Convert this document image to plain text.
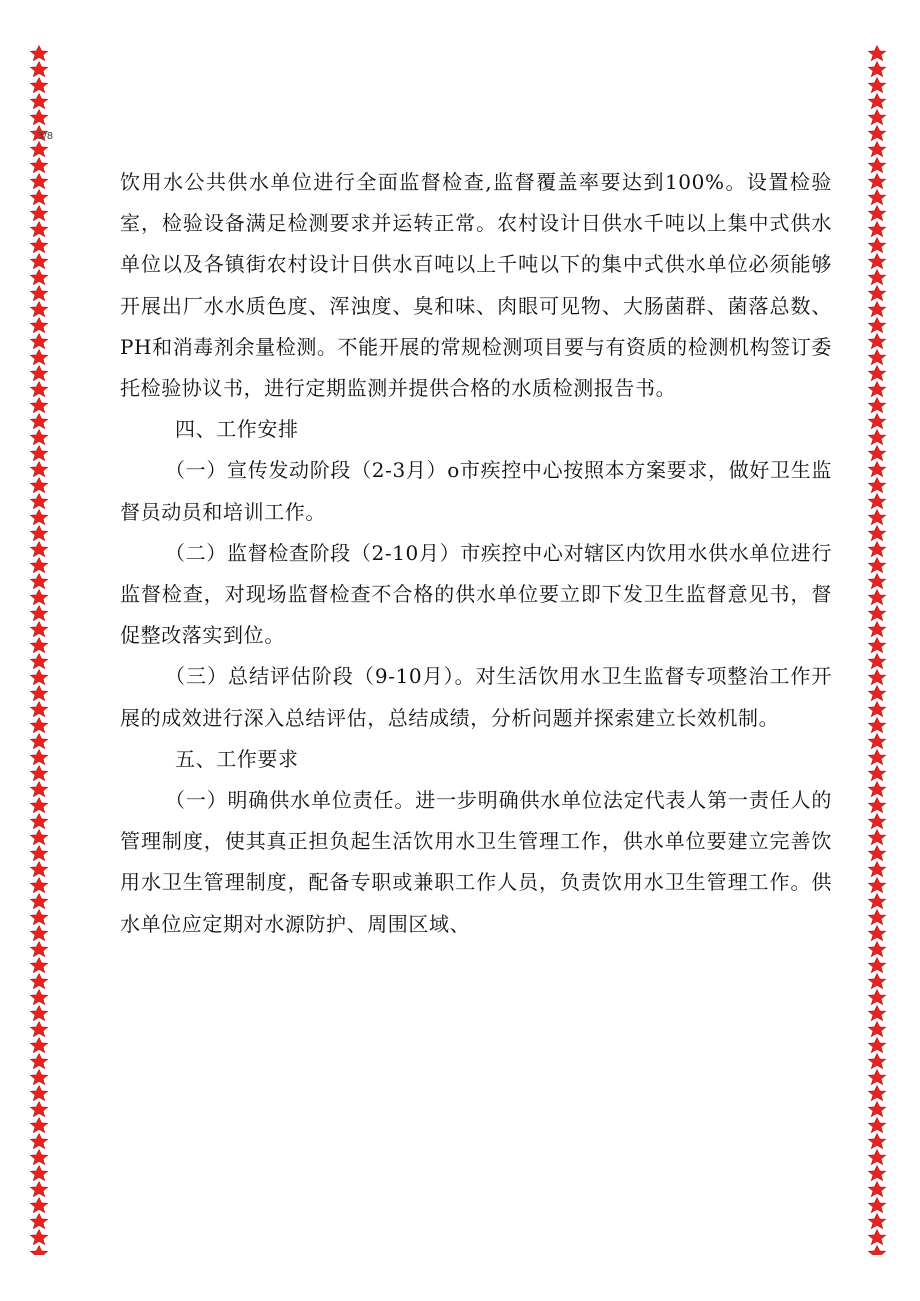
3/8

饮用水公共供水单位进行全面监督检查,监督覆盖率要达到100%。设置检验室，检验设备满足检测要求并运转正常。农村设计日供水千吨以上集中式供水单位以及各镇街农村设计日供水百吨以上千吨以下的集中式供水单位必须能够开展出厂水水质色度、浑浊度、臭和味、肉眼可见物、大肠菌群、菌落总数、PH和消毒剂余量检测。不能开展的常规检测项目要与有资质的检测机构签订委托检验协议书，进行定期监测并提供合格的水质检测报告书。

四、工作安排

（一）宣传发动阶段（2-3月）o市疾控中心按照本方案要求，做好卫生监督员动员和培训工作。

（二）监督检查阶段（2-10月）市疾控中心对辖区内饮用水供水单位进行监督检查，对现场监督检查不合格的供水单位要立即下发卫生监督意见书，督促整改落实到位。

（三）总结评估阶段（9-10月）。对生活饮用水卫生监督专项整治工作开展的成效进行深入总结评估，总结成绩，分析问题并探索建立长效机制。

五、工作要求

（一）明确供水单位责任。进一步明确供水单位法定代表人第一责任人的管理制度，使其真正担负起生活饮用水卫生管理工作，供水单位要建立完善饮用水卫生管理制度，配备专职或兼职工作人员，负责饮用水卫生管理工作。供水单位应定期对水源防护、周围区域、
